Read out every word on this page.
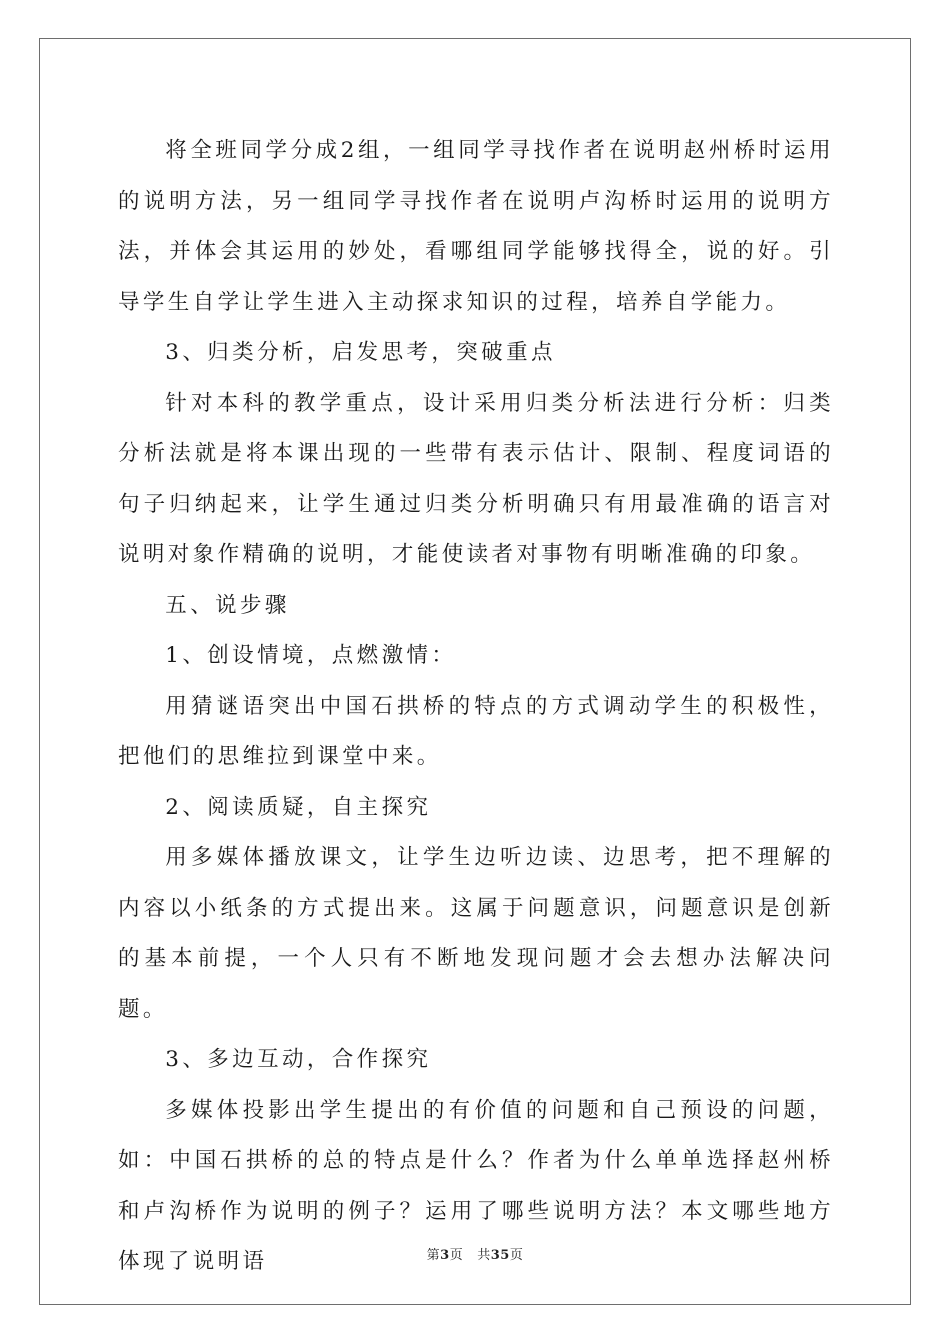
将全班同学分成2组，一组同学寻找作者在说明赵州桥时运用的说明方法，另一组同学寻找作者在说明卢沟桥时运用的说明方法，并体会其运用的妙处，看哪组同学能够找得全，说的好。引导学生自学让学生进入主动探求知识的过程，培养自学能力。

3、归类分析，启发思考，突破重点

针对本科的教学重点，设计采用归类分析法进行分析：归类分析法就是将本课出现的一些带有表示估计、限制、程度词语的句子归纳起来，让学生通过归类分析明确只有用最准确的语言对说明对象作精确的说明，才能使读者对事物有明晰准确的印象。

五、说步骤

1、创设情境，点燃激情：

用猜谜语突出中国石拱桥的特点的方式调动学生的积极性，把他们的思维拉到课堂中来。

2、阅读质疑，自主探究

用多媒体播放课文，让学生边听边读、边思考，把不理解的内容以小纸条的方式提出来。这属于问题意识，问题意识是创新的基本前提，一个人只有不断地发现问题才会去想办法解决问题。

3、多边互动，合作探究

多媒体投影出学生提出的有价值的问题和自己预设的问题，如：中国石拱桥的总的特点是什么？作者为什么单单选择赵州桥和卢沟桥作为说明的例子？运用了哪些说明方法？本文哪些地方体现了说明语	第3页 共35页
